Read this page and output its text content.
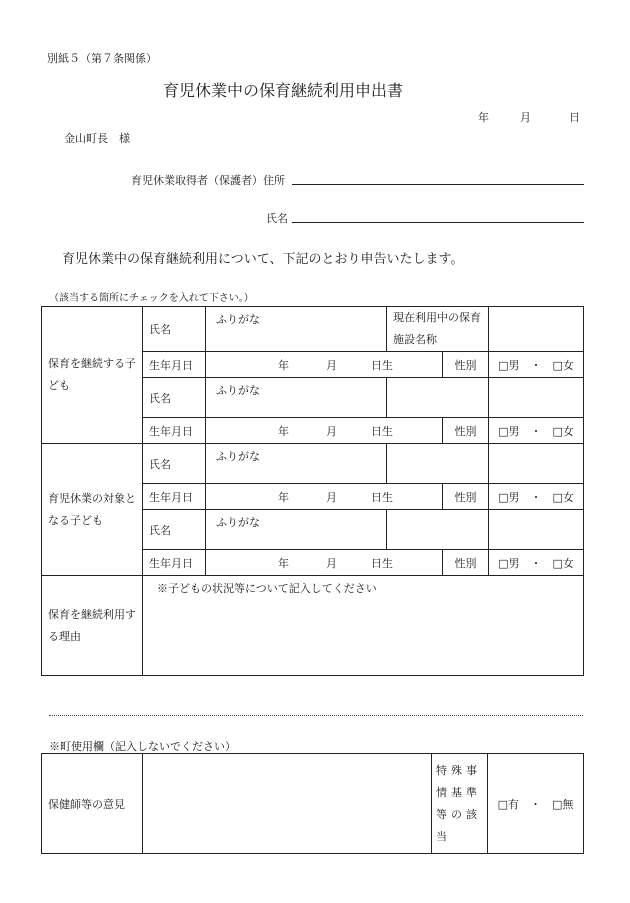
別紙５（第７条関係）
育児休業中の保育継続利用申出書
年	月	日
金山町長　様
育児休業取得者（保護者）住所
氏名
育児休業中の保育継続利用について、下記のとおり申告いたします。
（該当する箇所にチェックを入れて下さい。）
保育を継続する子ども	氏名	ふりがな	現在利用中の保育施設名称		
	生年月日	年 月 日生		性別	□男　・　□女
	氏名	ふりがな			
	生年月日	年 月 日生		性別	□男　・　□女
育児休業の対象となる子ども	氏名	ふりがな			
	生年月日	年 月 日生		性別	□男　・　□女
	氏名	ふりがな			
	生年月日	年 月 日生		性別	□男　・　□女
保育を継続利用する理由	※子どもの状況等について記入してください				
※町使用欄（記入しないでください）
保健師等の意見		特殊事情基準等の該当	□有　・　□無
